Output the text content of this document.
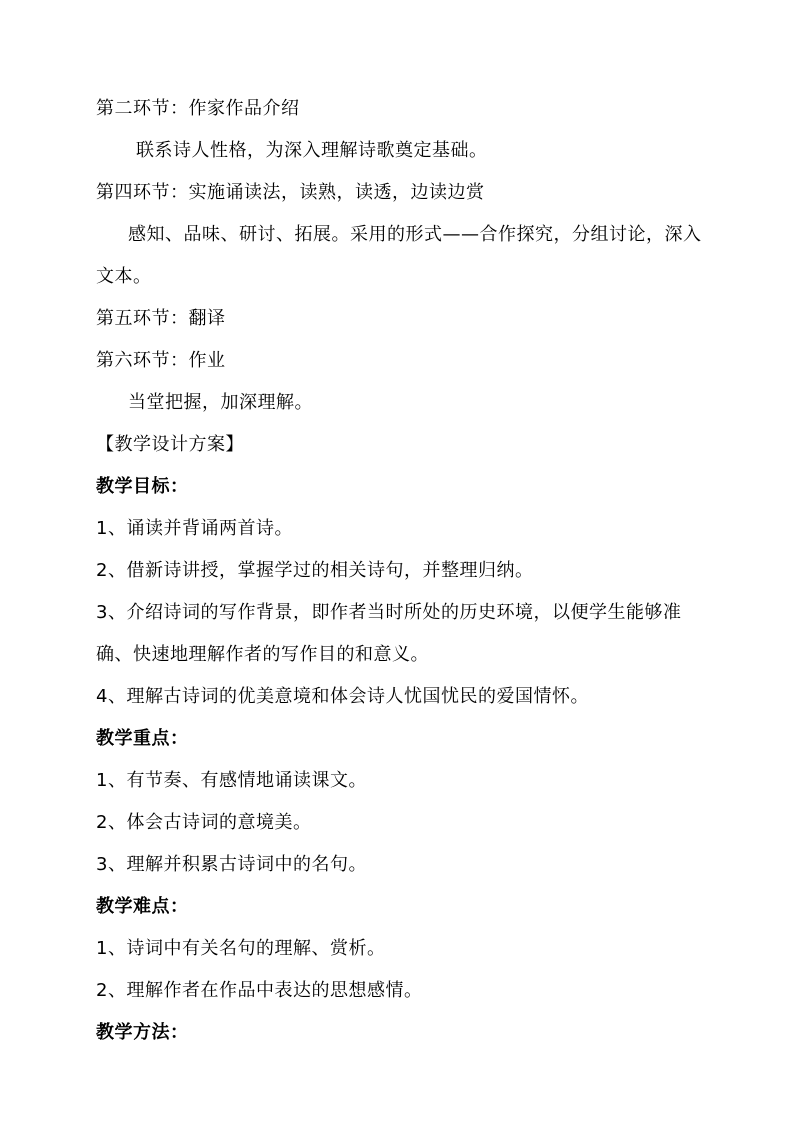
第二环节：作家作品介绍
联系诗人性格，为深入理解诗歌奠定基础。
第四环节：实施诵读法，读熟，读透，边读边赏
感知、品味、研讨、拓展。采用的形式——合作探究，分组讨论，深入文本。
第五环节：翻译
第六环节：作业
当堂把握，加深理解。
【教学设计方案】
教学目标：
1、诵读并背诵两首诗。
2、借新诗讲授，掌握学过的相关诗句，并整理归纳。
3、介绍诗词的写作背景，即作者当时所处的历史环境，以便学生能够准确、快速地理解作者的写作目的和意义。
4、理解古诗词的优美意境和体会诗人忧国忧民的爱国情怀。
教学重点：
1、有节奏、有感情地诵读课文。
2、体会古诗词的意境美。
3、理解并积累古诗词中的名句。
教学难点：
1、诗词中有关名句的理解、赏析。
2、理解作者在作品中表达的思想感情。
教学方法：
